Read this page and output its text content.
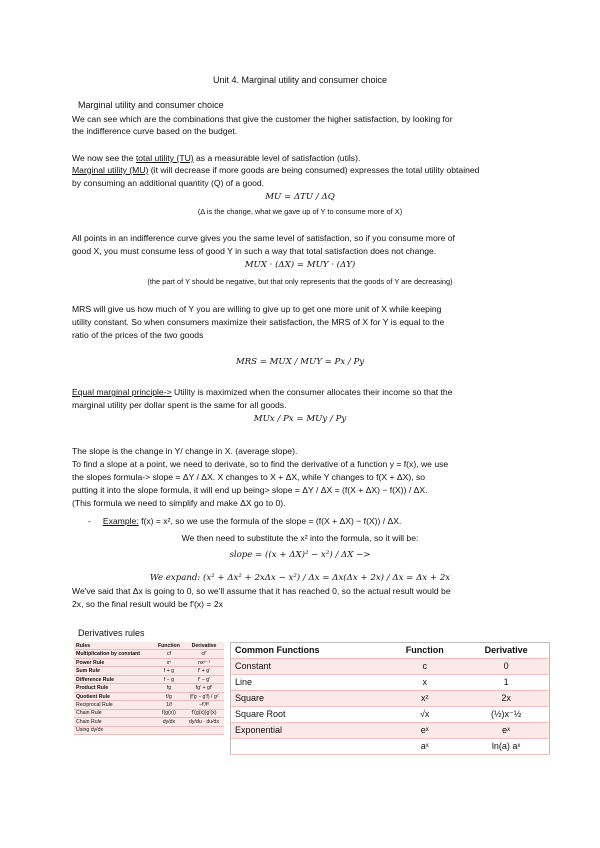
Unit 4. Marginal utility and consumer choice
Marginal utility and consumer choice
We can see which are the combinations that give the customer the higher satisfaction, by looking for
the indifference curve based on the budget.
We now see the total utility (TU) as a measurable level of satisfaction (utils).
Marginal utility (MU) (it will decrease if more goods are being consumed) expresses the total utility obtained
by consuming an additional quantity (Q) of a good.
MU = ΔTU / ΔQ
(Δ is the change, what we gave up of Y to consume more of X)
All points in an indifference curve gives you the same level of satisfaction, so if you consume more of
good X, you must consume less of good Y in such a way that total satisfaction does not change.
MUX · (ΔX) = MUY · (ΔY)
(the part of Y should be negative, but that only represents that the goods of Y are decreasing)
MRS will give us how much of Y you are willing to give up to get one more unit of X while keeping
utility constant. So when consumers maximize their satisfaction, the MRS of X for Y is equal to the
ratio of the prices of the two goods
MRS = MUX / MUY = Px / Py
Equal marginal principle-> Utility is maximized when the consumer allocates their income so that the
marginal utility per dollar spent is the same for all goods.
MUx / Px = MUy / Py
The slope is the change in Y/ change in X. (average slope).
To find a slope at a point, we need to derivate, so to find the derivative of a function y = f(x), we use
the slopes formula-> slope = ΔY / ΔX. X changes to X + ΔX, while Y changes to f(X + ΔX), so
putting it into the slope formula, it will end up being> slope = ΔY / ΔX = (f(X + ΔX) − f(X)) / ΔX.
(This formula we need to simplify and make ΔX go to 0).
- Example: f(x) = x², so we use the formula of the slope = (f(X + ΔX) − f(X)) / ΔX.
We then need to substitute the x² into the formula, so it will be:
slope = ((x + ΔX)² − x²) / ΔX −>
We expand: (x² + Δx² + 2xΔx − x²) / Δx = Δx(Δx + 2x) / Δx = Δx + 2x
We've said that Δx is going to 0, so we'll assume that it has reached 0, so the actual result would be
2x, so the final result would be f'(x) = 2x
Derivatives rules
Rules	Function	Derivative
Multiplication by constant	cf	cf'
Power Rule	xⁿ	nxⁿ⁻¹
Sum Rule	f + g	f' + g'
Difference Rule	f − g	f' − g'
Product Rule	fg	fg' + gf'
Quotient Rule	f/g	(f'g − g'f) / g²
Reciprocal Rule	1/f	−f'/f²
Chain Rule	f(g(x))	f'(g(x))g'(x)
Chain Rule	dy/dx	dy/du · du/dx
Using dy/dx		
Common Functions	Function	Derivative
Constant	c	0
Line	x	1
Square	x²	2x
Square Root	√x	(½)x⁻½
Exponential	eˣ	eˣ
	aˣ	ln(a) aˣ
